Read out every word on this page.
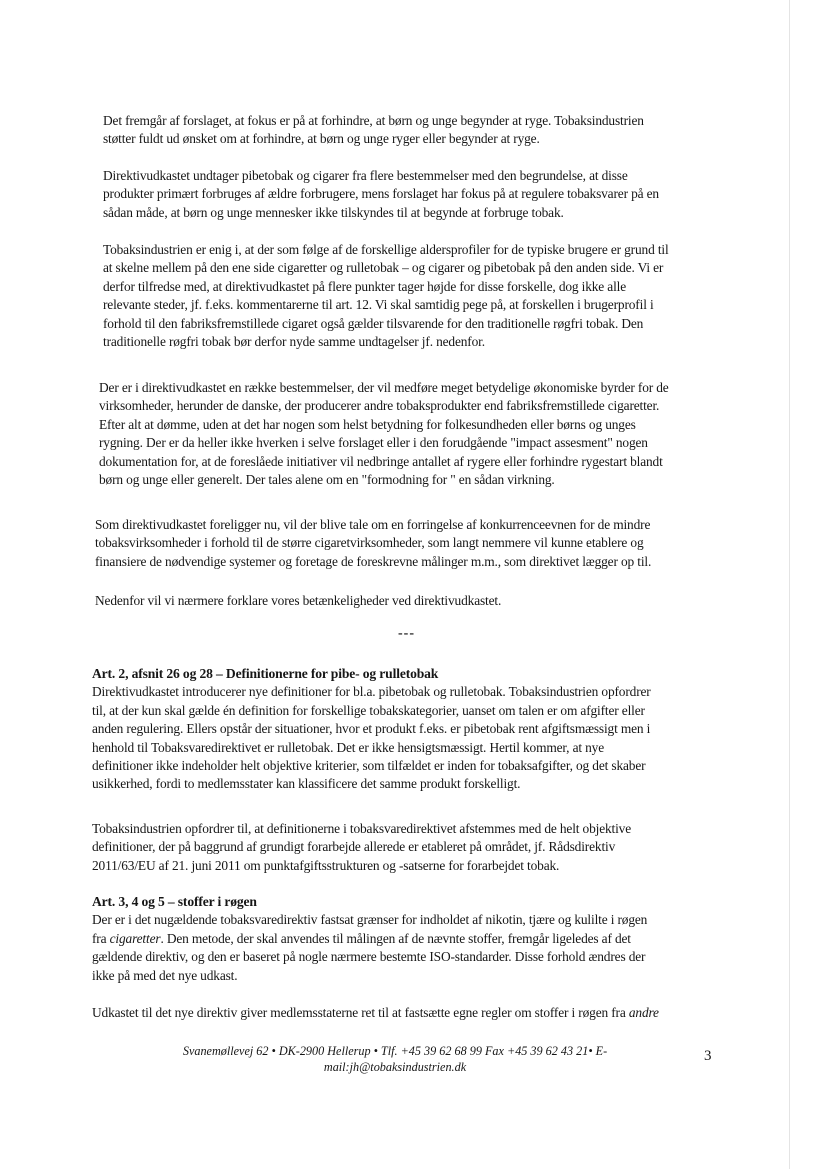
Det fremgår af forslaget, at fokus er på at forhindre, at børn og unge begynder at ryge. Tobaksindustrien

støtter fuldt ud ønsket om at forhindre, at børn og unge ryger eller begynder at ryge.

Direktivudkastet undtager pibetobak og cigarer fra flere bestemmelser med den begrundelse, at disse

produkter primært forbruges af ældre forbrugere, mens forslaget har fokus på at regulere tobaksvarer på en

sådan måde, at børn og unge mennesker ikke tilskyndes til at begynde at forbruge tobak.

Tobaksindustrien er enig i, at der som følge af de forskellige aldersprofiler for de typiske brugere er grund til

at skelne mellem på den ene side cigaretter og rulletobak – og cigarer og pibetobak på den anden side. Vi er

derfor tilfredse med, at direktivudkastet på flere punkter tager højde for disse forskelle, dog ikke alle

relevante steder, jf. f.eks. kommentarerne til art. 12. Vi skal samtidig pege på, at forskellen i brugerprofil i

forhold til den fabriksfremstillede cigaret også gælder tilsvarende for den traditionelle røgfri tobak. Den

traditionelle røgfri tobak bør derfor nyde samme undtagelser jf. nedenfor.

Der er i direktivudkastet en række bestemmelser, der vil medføre meget betydelige økonomiske byrder for de

virksomheder, herunder de danske, der producerer andre tobaksprodukter end fabriksfremstillede cigaretter.

Efter alt at dømme, uden at det har nogen som helst betydning for folkesundheden eller børns og unges

rygning. Der er da heller ikke hverken i selve forslaget eller i den forudgående "impact assesment" nogen

dokumentation for, at de foreslåede initiativer vil nedbringe antallet af rygere eller forhindre rygestart blandt

børn og unge eller generelt. Der tales alene om en "formodning for " en sådan virkning.

Som direktivudkastet foreligger nu, vil der blive tale om en forringelse af konkurrenceevnen for de mindre

tobaksvirksomheder i forhold til de større cigaretvirksomheder, som langt nemmere vil kunne etablere og

finansiere de nødvendige systemer og foretage de foreskrevne målinger m.m., som direktivet lægger op til.

Nedenfor vil vi nærmere forklare vores betænkeligheder ved direktivudkastet.

---

Art. 2, afsnit 26 og 28 – Definitionerne for pibe- og rulletobak

Direktivudkastet introducerer nye definitioner for bl.a. pibetobak og rulletobak. Tobaksindustrien opfordrer

til, at der kun skal gælde én definition for forskellige tobakskategorier, uanset om talen er om afgifter eller

anden regulering. Ellers opstår der situationer, hvor et produkt f.eks. er pibetobak rent afgiftsmæssigt men i

henhold til Tobaksvaredirektivet er rulletobak. Det er ikke hensigtsmæssigt. Hertil kommer, at nye

definitioner ikke indeholder helt objektive kriterier, som tilfældet er inden for tobaksafgifter, og det skaber

usikkerhed, fordi to medlemsstater kan klassificere det samme produkt forskelligt.

Tobaksindustrien opfordrer til, at definitionerne i tobaksvaredirektivet afstemmes med de helt objektive

definitioner, der på baggrund af grundigt forarbejde allerede er etableret på området, jf. Rådsdirektiv

2011/63/EU af 21. juni 2011 om punktafgiftsstrukturen og -satserne for forarbejdet tobak.

Art. 3, 4 og 5 – stoffer i røgen

Der er i det nugældende tobaksvaredirektiv fastsat grænser for indholdet af nikotin, tjære og kulilte i røgen

fra cigaretter. Den metode, der skal anvendes til målingen af de nævnte stoffer, fremgår ligeledes af det

gældende direktiv, og den er baseret på nogle nærmere bestemte ISO-standarder. Disse forhold ændres der

ikke på med det nye udkast.

Udkastet til det nye direktiv giver medlemsstaterne ret til at fastsætte egne regler om stoffer i røgen fra andre

Svanemøllevej 62 • DK-2900 Hellerup • Tlf. +45 39 62 68 99 Fax +45 39 62 43 21• E-

mail:jh@tobaksindustrien.dk

3
